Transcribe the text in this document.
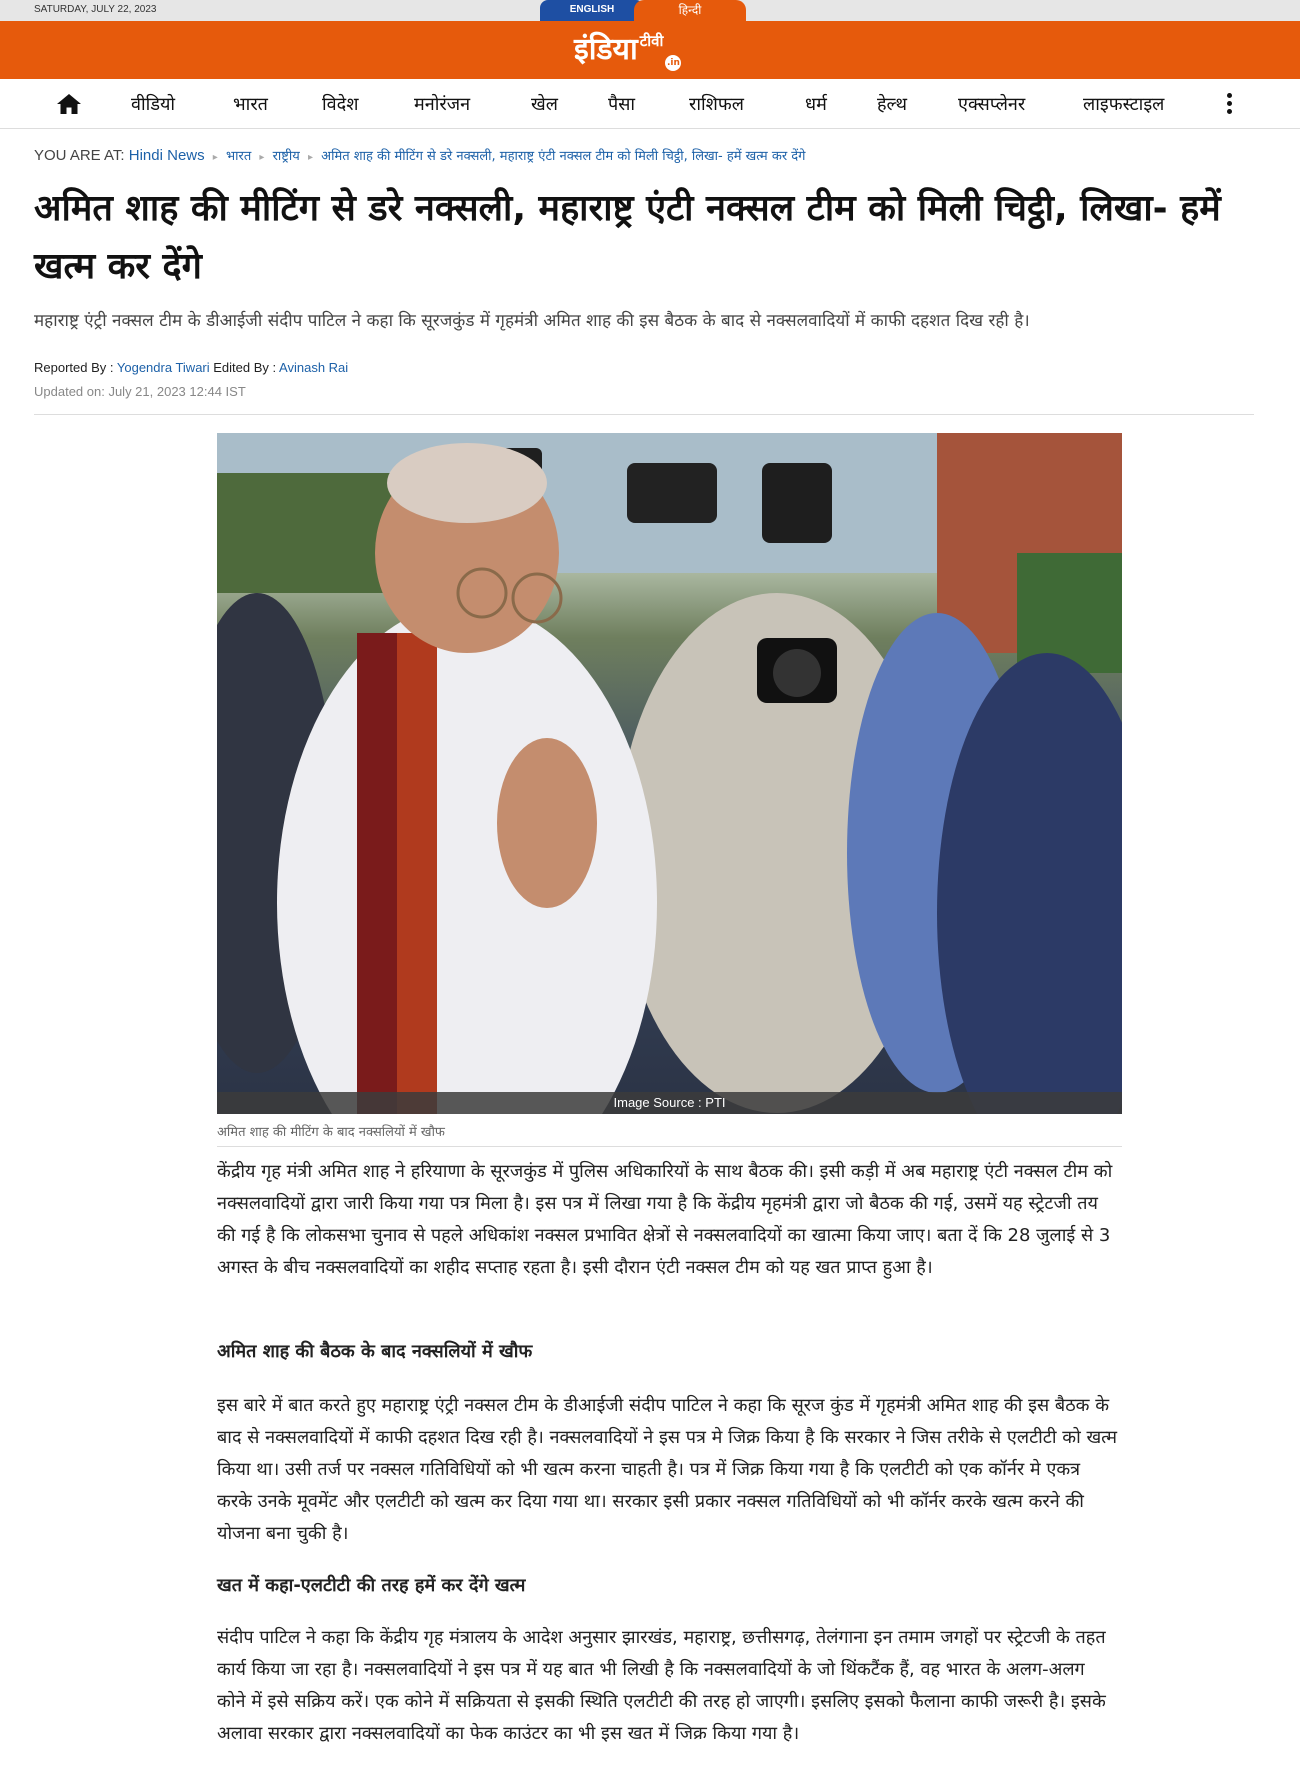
SATURDAY, JULY 22, 2023	ENGLISH	हिन्दी
इंडिया टीवी
.in
वीडियो	भारत	विदेश	मनोरंजन	खेल	पैसा	राशिफल	धर्म	हेल्थ	एक्सप्लेनर	लाइफस्टाइल
YOU ARE AT: Hindi News ▸ भारत ▸ राष्ट्रीय ▸ अमित शाह की मीटिंग से डरे नक्सली, महाराष्ट्र एंटी नक्सल टीम को मिली चिट्ठी, लिखा- हमें खत्म कर देंगे
अमित शाह की मीटिंग से डरे नक्सली, महाराष्ट्र एंटी नक्सल टीम को मिली चिट्ठी, लिखा- हमें खत्म कर देंगे

महाराष्ट्र एंट्री नक्सल टीम के डीआईजी संदीप पाटिल ने कहा कि सूरजकुंड में गृहमंत्री अमित शाह की इस बैठक के बाद से नक्सलवादियों में काफी दहशत दिख रही है।

Reported By : Yogendra Tiwari Edited By : Avinash Rai
Updated on: July 21, 2023 12:44 IST
Image Source : PTI
अमित शाह की मीटिंग के बाद नक्सलियों में खौफ

केंद्रीय गृह मंत्री अमित शाह ने हरियाणा के सूरजकुंड में पुलिस अधिकारियों के साथ बैठक की। इसी कड़ी में अब महाराष्ट्र एंटी नक्सल टीम को नक्सलवादियों द्वारा जारी किया गया पत्र मिला है। इस पत्र में लिखा गया है कि केंद्रीय मृहमंत्री द्वारा जो बैठक की गई, उसमें यह स्ट्रेटजी तय की गई है कि लोकसभा चुनाव से पहले अधिकांश नक्सल प्रभावित क्षेत्रों से नक्सलवादियों का खात्मा किया जाए। बता दें कि 28 जुलाई से 3 अगस्त के बीच नक्सलवादियों का शहीद सप्ताह रहता है। इसी दौरान एंटी नक्सल टीम को यह खत प्राप्त हुआ है।

अमित शाह की बैठक के बाद नक्सलियों में खौफ

इस बारे में बात करते हुए महाराष्ट्र एंट्री नक्सल टीम के डीआईजी संदीप पाटिल ने कहा कि सूरज कुंड में गृहमंत्री अमित शाह की इस बैठक के बाद से नक्सलवादियों में काफी दहशत दिख रही है। नक्सलवादियों ने इस पत्र मे जिक्र किया है कि सरकार ने जिस तरीके से एलटीटी को खत्म किया था। उसी तर्ज पर नक्सल गतिविधियों को भी खत्म करना चाहती है। पत्र में जिक्र किया गया है कि एलटीटी को एक कॉर्नर मे एकत्र करके उनके मूवमेंट और एलटीटी को खत्म कर दिया गया था। सरकार इसी प्रकार नक्सल गतिविधियों को भी कॉर्नर करके खत्म करने की योजना बना चुकी है।

खत में कहा-एलटीटी की तरह हमें कर देंगे खत्म

संदीप पाटिल ने कहा कि केंद्रीय गृह मंत्रालय के आदेश अनुसार झारखंड, महाराष्ट्र, छत्तीसगढ़, तेलंगाना इन तमाम जगहों पर स्ट्रेटजी के तहत कार्य किया जा रहा है। नक्सलवादियों ने इस पत्र में यह बात भी लिखी है कि नक्सलवादियों के जो थिंकटैंक हैं, वह भारत के अलग-अलग कोने में इसे सक्रिय करें। एक कोने में सक्रियता से इसकी स्थिति एलटीटी की तरह हो जाएगी। इसलिए इसको फैलाना काफी जरूरी है। इसके अलावा सरकार द्वारा नक्सलवादियों का फेक काउंटर का भी इस खत में जिक्र किया गया है।
